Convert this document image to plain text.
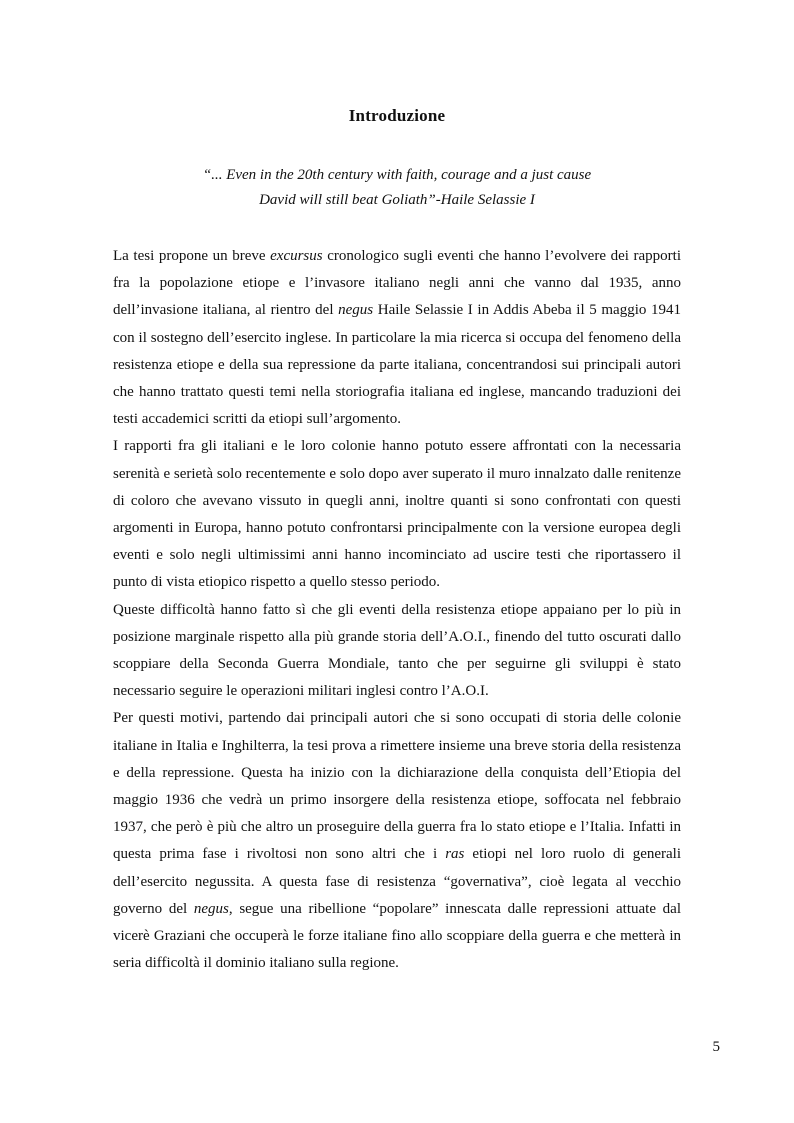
Introduzione
“... Even in the 20th century with faith, courage and a just cause
David will still beat Goliath”-Haile Selassie I

La tesi propone un breve excursus cronologico sugli eventi che hanno l’evolvere dei rapporti fra la popolazione etiope e l’invasore italiano negli anni che vanno dal 1935, anno dell’invasione italiana, al rientro del negus Haile Selassie I in Addis Abeba il 5 maggio 1941 con il sostegno dell’esercito inglese. In particolare la mia ricerca si occupa del fenomeno della resistenza etiope e della sua repressione da parte italiana, concentrandosi sui principali autori che hanno trattato questi temi nella storiografia italiana ed inglese, mancando traduzioni dei testi accademici scritti da etiopi sull’argomento.

I rapporti fra gli italiani e le loro colonie hanno potuto essere affrontati con la necessaria serenità e serietà solo recentemente e solo dopo aver superato il muro innalzato dalle renitenze di coloro che avevano vissuto in quegli anni, inoltre quanti si sono confrontati con questi argomenti in Europa, hanno potuto confrontarsi principalmente con la versione europea degli eventi e solo negli ultimissimi anni hanno incominciato ad uscire testi che riportassero il punto di vista etiopico rispetto a quello stesso periodo.

Queste difficoltà hanno fatto sì che gli eventi della resistenza etiope appaiano per lo più in posizione marginale rispetto alla più grande storia dell’A.O.I., finendo del tutto oscurati dallo scoppiare della Seconda Guerra Mondiale, tanto che per seguirne gli sviluppi è stato necessario seguire le operazioni militari inglesi contro l’A.O.I.

Per questi motivi, partendo dai principali autori che si sono occupati di storia delle colonie italiane in Italia e Inghilterra, la tesi prova a rimettere insieme una breve storia della resistenza e della repressione. Questa ha inizio con la dichiarazione della conquista dell’Etiopia del maggio 1936 che vedrà un primo insorgere della resistenza etiope, soffocata nel febbraio 1937, che però è più che altro un proseguire della guerra fra lo stato etiope e l’Italia. Infatti in questa prima fase i rivoltosi non sono altri che i ras etiopi nel loro ruolo di generali dell’esercito negussita. A questa fase di resistenza “governativa”, cioè legata al vecchio governo del negus, segue una ribellione “popolare” innescata dalle repressioni attuate dal vicerè Graziani che occuperà le forze italiane fino allo scoppiare della guerra e che metterà in seria difficoltà il dominio italiano sulla regione.

5
